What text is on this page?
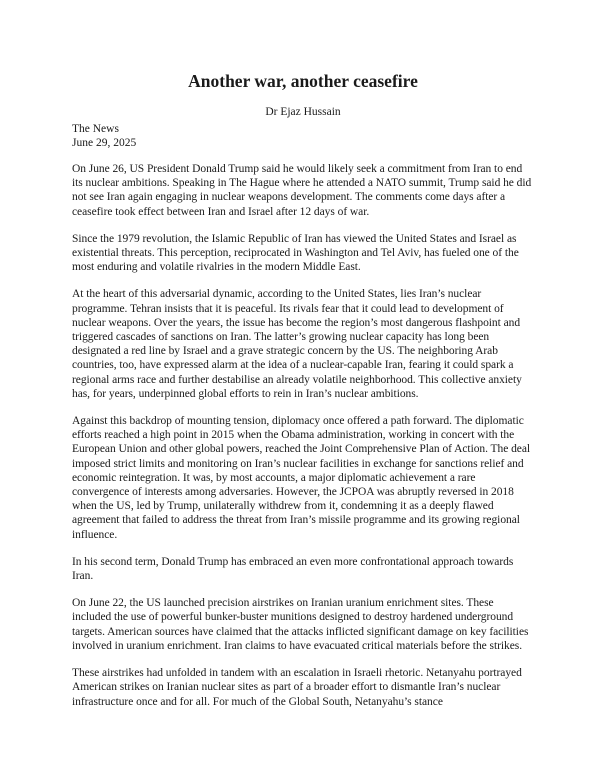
Another war, another ceasefire
Dr Ejaz Hussain
The News
June 29, 2025

On June 26, US President Donald Trump said he would likely seek a commitment from Iran to end its nuclear ambitions. Speaking in The Hague where he attended a NATO summit, Trump said he did not see Iran again engaging in nuclear weapons development. The comments come days after a ceasefire took effect between Iran and Israel after 12 days of war.

Since the 1979 revolution, the Islamic Republic of Iran has viewed the United States and Israel as existential threats. This perception, reciprocated in Washington and Tel Aviv, has fueled one of the most enduring and volatile rivalries in the modern Middle East.

At the heart of this adversarial dynamic, according to the United States, lies Iran’s nuclear programme. Tehran insists that it is peaceful. Its rivals fear that it could lead to development of nuclear weapons. Over the years, the issue has become the region’s most dangerous flashpoint and triggered cascades of sanctions on Iran. The latter’s growing nuclear capacity has long been designated a red line by Israel and a grave strategic concern by the US. The neighboring Arab countries, too, have expressed alarm at the idea of a nuclear-capable Iran, fearing it could spark a regional arms race and further destabilise an already volatile neighborhood. This collective anxiety has, for years, underpinned global efforts to rein in Iran’s nuclear ambitions.

Against this backdrop of mounting tension, diplomacy once offered a path forward. The diplomatic efforts reached a high point in 2015 when the Obama administration, working in concert with the European Union and other global powers, reached the Joint Comprehensive Plan of Action. The deal imposed strict limits and monitoring on Iran’s nuclear facilities in exchange for sanctions relief and economic reintegration. It was, by most accounts, a major diplomatic achievement a rare convergence of interests among adversaries. However, the JCPOA was abruptly reversed in 2018 when the US, led by Trump, unilaterally withdrew from it, condemning it as a deeply flawed agreement that failed to address the threat from Iran’s missile programme and its growing regional influence.

In his second term, Donald Trump has embraced an even more confrontational approach towards Iran.

On June 22, the US launched precision airstrikes on Iranian uranium enrichment sites. These included the use of powerful bunker-buster munitions designed to destroy hardened underground targets. American sources have claimed that the attacks inflicted significant damage on key facilities involved in uranium enrichment. Iran claims to have evacuated critical materials before the strikes.

These airstrikes had unfolded in tandem with an escalation in Israeli rhetoric. Netanyahu portrayed American strikes on Iranian nuclear sites as part of a broader effort to dismantle Iran’s nuclear infrastructure once and for all. For much of the Global South, Netanyahu’s stance
